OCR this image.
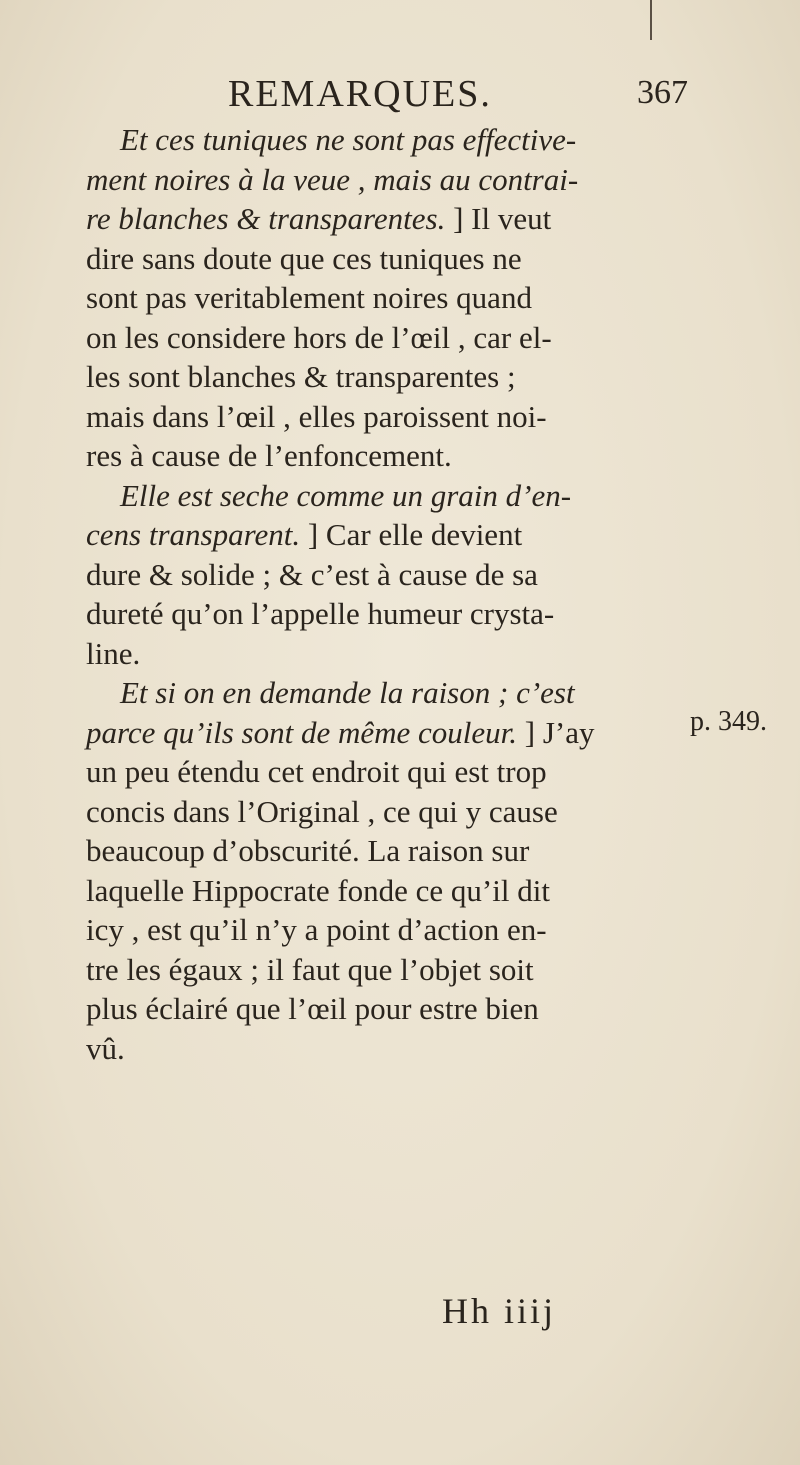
REMARQUES.	367
Et ces tuniques ne sont pas effective-
ment noires à la veue , mais au contrai-
re blanches & transparentes. ] Il veut
dire sans doute que ces tuniques ne
sont pas veritablement noires quand
on les considere hors de l’œil , car el-
les sont blanches & transparentes ;
mais dans l’œil , elles paroissent noi-
res à cause de l’enfoncement.
Elle est seche comme un grain d’en-
cens transparent. ] Car elle devient
dure & solide ; & c’est à cause de sa
dureté qu’on l’appelle humeur crysta-
line.
Et si on en demande la raison ; c’est
parce qu’ils sont de même couleur. ] J’ay
un peu étendu cet endroit qui est trop
concis dans l’Original , ce qui y cause
beaucoup d’obscurité. La raison sur
laquelle Hippocrate fonde ce qu’il dit
icy , est qu’il n’y a point d’action en-
tre les égaux ; il faut que l’objet soit
plus éclairé que l’œil pour estre bien
vû.
p. 349.
Hh iiij
